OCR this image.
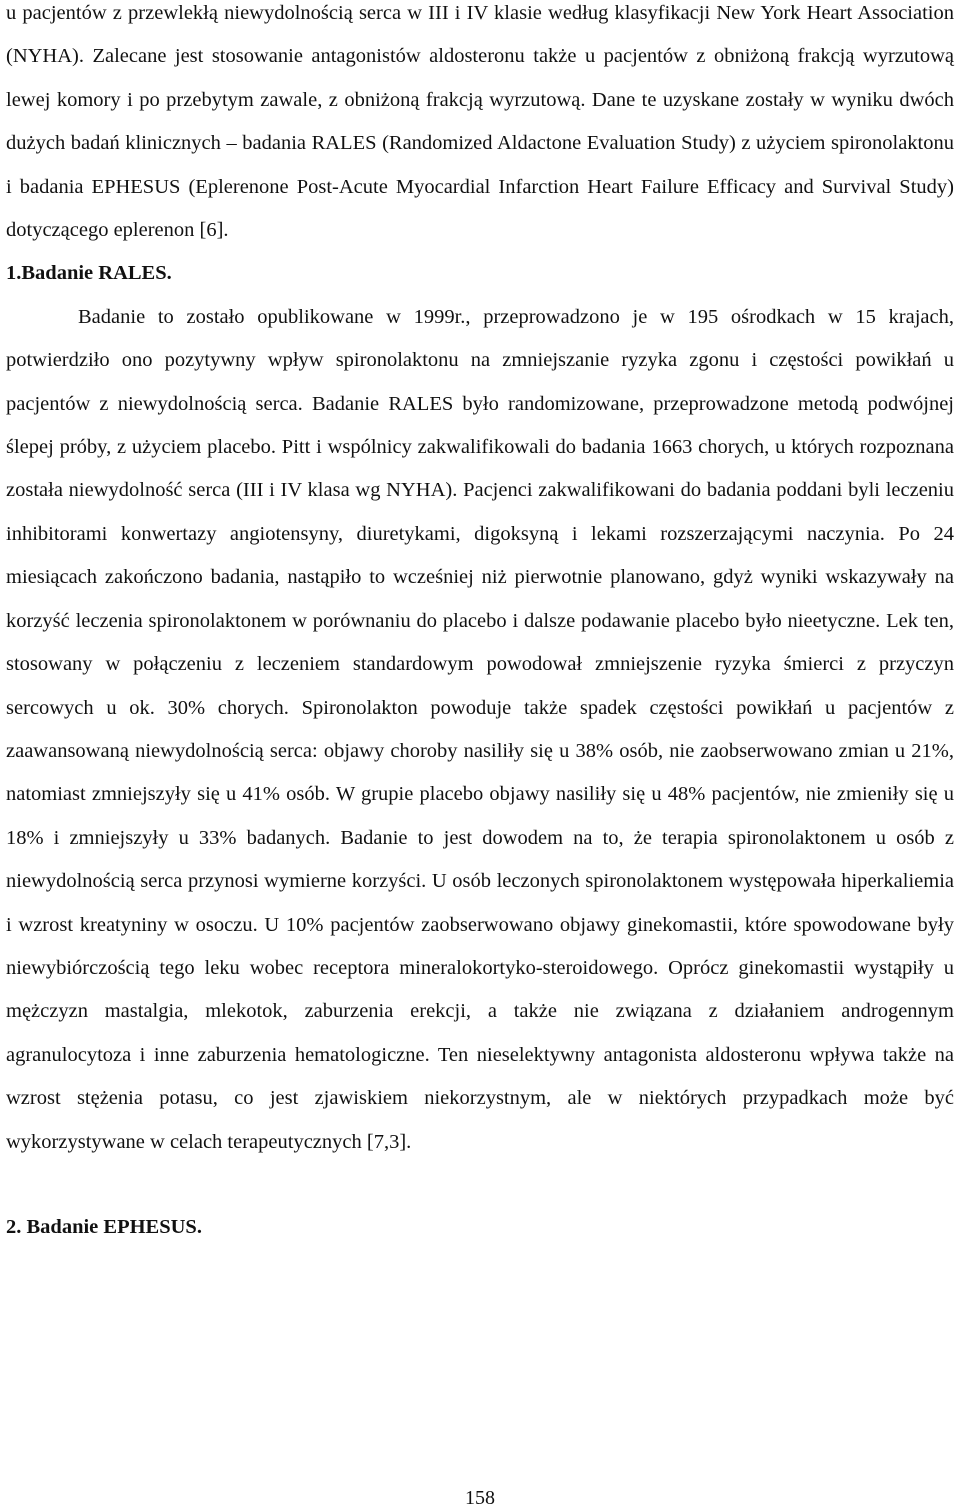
u pacjentów z przewlekłą niewydolnością serca w III i IV klasie według klasyfikacji New York Heart Association (NYHA). Zalecane jest stosowanie antagonistów aldosteronu także u pacjentów z obniżoną frakcją wyrzutową lewej komory i po przebytym zawale, z obniżoną frakcją wyrzutową. Dane te uzyskane zostały w wyniku dwóch dużych badań klinicznych – badania RALES (Randomized Aldactone Evaluation Study) z użyciem spironolaktonu i badania EPHESUS (Eplerenone Post-Acute Myocardial Infarction Heart Failure Efficacy and Survival Study) dotyczącego eplerenon [6].

1.Badanie RALES.

Badanie to zostało opublikowane w 1999r., przeprowadzono je w 195 ośrodkach w 15 krajach, potwierdziło ono pozytywny wpływ spironolaktonu na zmniejszanie ryzyka zgonu i częstości powikłań u pacjentów z niewydolnością serca. Badanie RALES było randomizowane, przeprowadzone metodą podwójnej ślepej próby, z użyciem placebo. Pitt i wspólnicy zakwalifikowali do badania 1663 chorych, u których rozpoznana została niewydolność serca (III i IV klasa wg NYHA). Pacjenci zakwalifikowani do badania poddani byli leczeniu inhibitorami konwertazy angiotensyny, diuretykami, digoksyną i lekami rozszerzającymi naczynia. Po 24 miesiącach zakończono badania, nastąpiło to wcześniej niż pierwotnie planowano, gdyż wyniki wskazywały na korzyść leczenia spironolaktonem w porównaniu do placebo i dalsze podawanie placebo było nieetyczne. Lek ten, stosowany w połączeniu z leczeniem standardowym powodował zmniejszenie ryzyka śmierci z przyczyn sercowych u ok. 30% chorych. Spironolakton powoduje także spadek częstości powikłań u pacjentów z zaawansowaną niewydolnością serca: objawy choroby nasiliły się u 38% osób, nie zaobserwowano zmian u 21%, natomiast zmniejszyły się u 41% osób. W grupie placebo objawy nasiliły się u 48% pacjentów, nie zmieniły się u 18% i zmniejszyły u 33% badanych. Badanie to jest dowodem na to, że terapia spironolaktonem u osób z niewydolnością serca przynosi wymierne korzyści. U osób leczonych spironolaktonem występowała hiperkaliemia i wzrost kreatyniny w osoczu. U 10% pacjentów zaobserwowano objawy ginekomastii, które spowodowane były niewybiórczością tego leku wobec receptora mineralokortyko-steroidowego. Oprócz ginekomastii wystąpiły u mężczyzn mastalgia, mlekotok, zaburzenia erekcji, a także nie związana z działaniem androgennym agranulocytoza i inne zaburzenia hematologiczne. Ten nieselektywny antagonista aldosteronu wpływa także na wzrost stężenia potasu, co jest zjawiskiem niekorzystnym, ale w niektórych przypadkach może być wykorzystywane w celach terapeutycznych [7,3].

2. Badanie EPHESUS.
158
